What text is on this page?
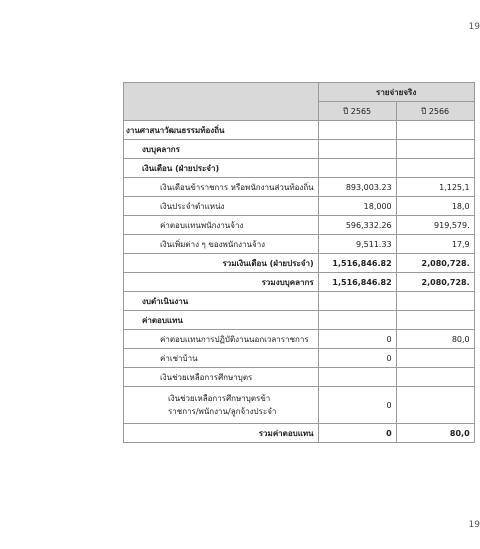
19
	รายจ่ายจริง	
	ปี 2565	ปี 2566
งานศาสนาวัฒนธรรมท้องถิ่น		
งบบุคลากร		
เงินเดือน (ฝ่ายประจำ)		
เงินเดือนข้าราชการ หรือพนักงานส่วนท้องถิ่น	893,003.23	1,125,1
เงินประจำตำแหน่ง	18,000	18,0
ค่าตอบแทนพนักงานจ้าง	596,332.26	919,579.
เงินเพิ่มต่าง ๆ ของพนักงานจ้าง	9,511.33	17,9
รวมเงินเดือน (ฝ่ายประจำ)	1,516,846.82	2,080,728.
รวมงบบุคลากร	1,516,846.82	2,080,728.
งบดำเนินงาน		
ค่าตอบแทน		
ค่าตอบแทนการปฏิบัติงานนอกเวลาราชการ	0	80,0
ค่าเช่าบ้าน	0	
เงินช่วยเหลือการศึกษาบุตร		

เงินช่วยเหลือการศึกษาบุตรข้า
ราชการ/พนักงาน/ลูกจ้างประจำ	0	
รวมค่าตอบแทน	0	80,0
19
